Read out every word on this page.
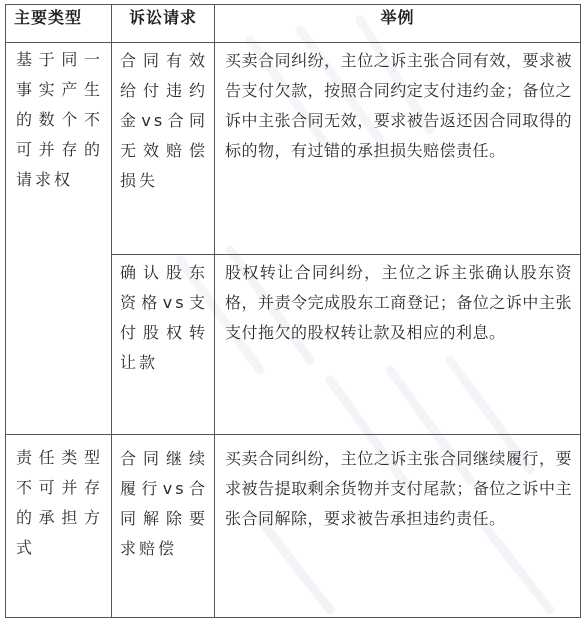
主要类型	诉讼请求	举例

基于同一事实产生的数个不可并存的请求权	合同有效给付违约金vs合同无效赔偿损失	买卖合同纠纷，主位之诉主张合同有效，要求被告支付欠款，按照合同约定支付违约金；备位之诉中主张合同无效，要求被告返还因合同取得的标的物，有过错的承担损失赔偿责任。

	确认股东资格vs支付股权转让款	股权转让合同纠纷，主位之诉主张确认股东资格，并责令完成股东工商登记；备位之诉中主张支付拖欠的股权转让款及相应的利息。

责任类型不可并存的承担方式	合同继续履行vs合同解除要求赔偿	买卖合同纠纷，主位之诉主张合同继续履行，要求被告提取剩余货物并支付尾款；备位之诉中主张合同解除，要求被告承担违约责任。
